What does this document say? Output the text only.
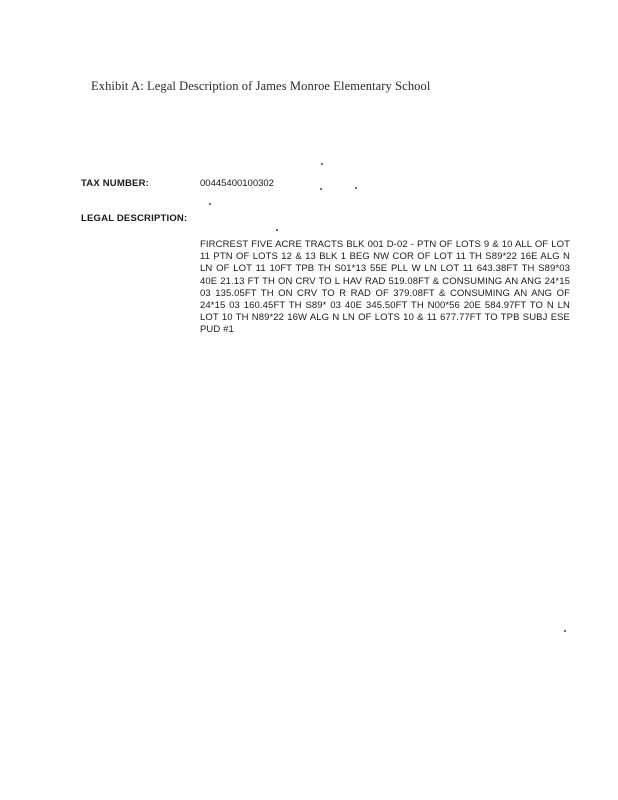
Exhibit A: Legal Description of James Monroe Elementary School
TAX NUMBER:	00445400100302
LEGAL DESCRIPTION:
FIRCREST FIVE ACRE TRACTS BLK 001 D-02 - PTN OF LOTS 9 & 10 ALL OF LOT 11 PTN OF LOTS 12 & 13 BLK 1 BEG NW COR OF LOT 11 TH S89*22 16E ALG N LN OF LOT 11 10FT TPB TH S01*13 55E PLL W LN LOT 11 643.38FT TH S89*03 40E 21.13 FT TH ON CRV TO L HAV RAD 519.08FT & CONSUMING AN ANG 24*15 03 135.05FT TH ON CRV TO R RAD OF 379.08FT & CONSUMING AN ANG OF 24*15 03 160.45FT TH S89* 03 40E 345.50FT TH N00*56 20E 584.97FT TO N LN LOT 10 TH N89*22 16W ALG N LN OF LOTS 10 & 11 677.77FT TO TPB SUBJ ESE PUD #1
